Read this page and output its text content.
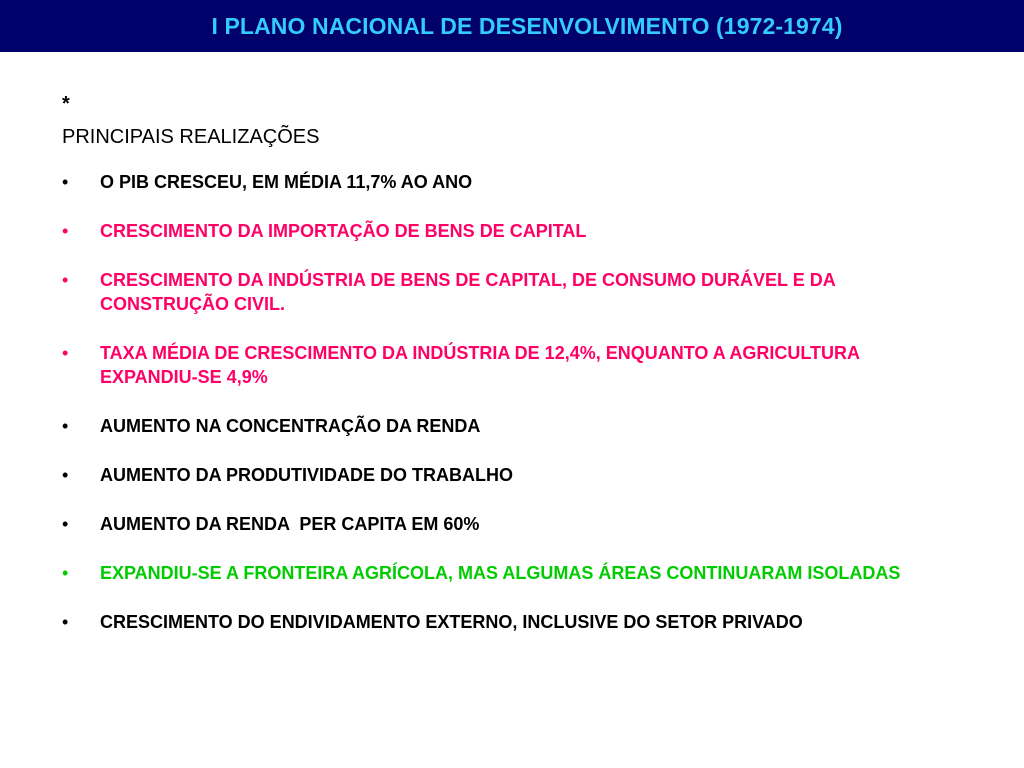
I PLANO NACIONAL DE DESENVOLVIMENTO (1972-1974)
*
PRINCIPAIS REALIZAÇÕES
• O PIB CRESCEU, EM MÉDIA 11,7% AO ANO
• CRESCIMENTO DA IMPORTAÇÃO DE BENS DE CAPITAL
• CRESCIMENTO DA INDÚSTRIA DE BENS DE CAPITAL, DE CONSUMO DURÁVEL E DA CONSTRUÇÃO CIVIL.
• TAXA MÉDIA DE CRESCIMENTO DA INDÚSTRIA DE 12,4%, ENQUANTO A AGRICULTURA EXPANDIU-SE 4,9%
• AUMENTO NA CONCENTRAÇÃO DA RENDA
• AUMENTO DA PRODUTIVIDADE DO TRABALHO
• AUMENTO DA RENDA  PER CAPITA EM 60%
• EXPANDIU-SE A FRONTEIRA AGRÍCOLA, MAS ALGUMAS ÁREAS CONTINUARAM ISOLADAS
• CRESCIMENTO DO ENDIVIDAMENTO EXTERNO, INCLUSIVE DO SETOR PRIVADO
